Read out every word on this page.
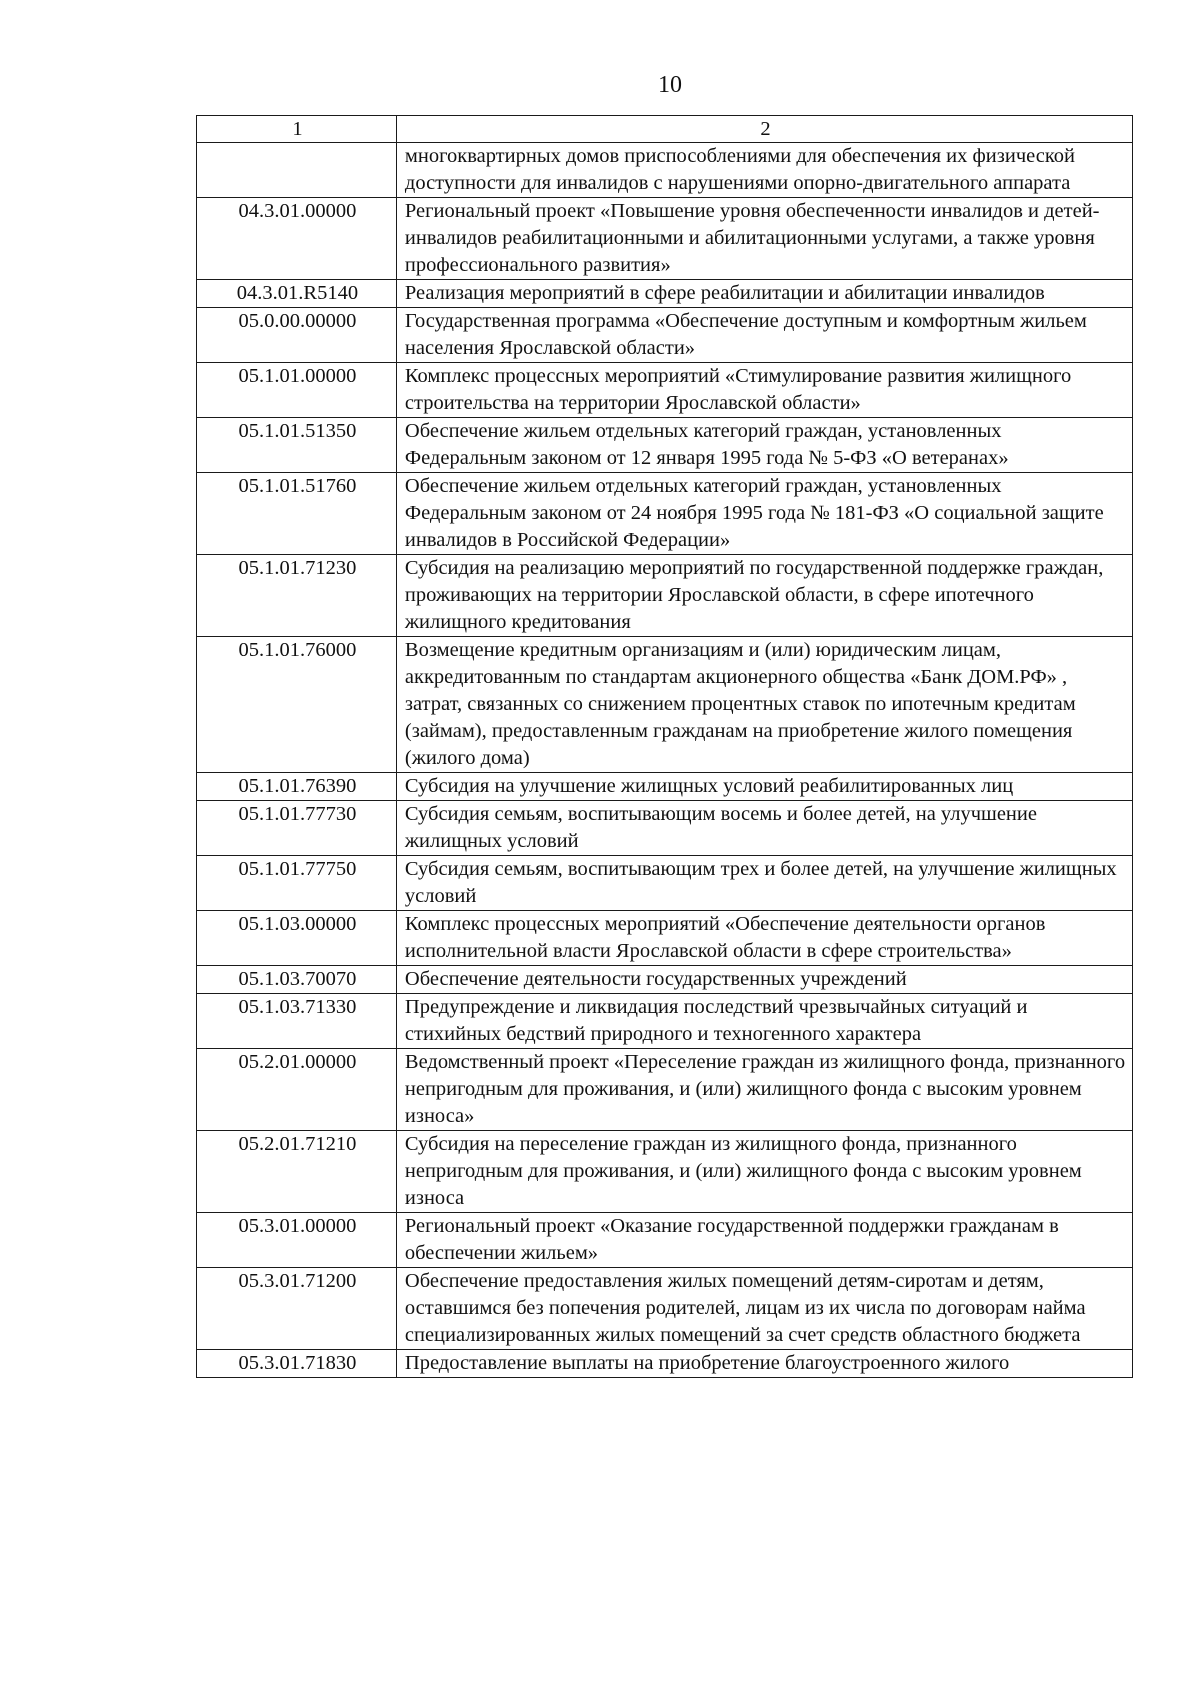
10
1	2
	многоквартирных домов приспособлениями для обеспечения их физической доступности для инвалидов с нарушениями опорно-двигательного аппарата
04.3.01.00000	Региональный проект «Повышение уровня обеспеченности инвалидов и детей-инвалидов реабилитационными и абилитационными услугами, а также уровня профессионального развития»
04.3.01.R5140	Реализация мероприятий в сфере реабилитации и абилитации инвалидов
05.0.00.00000	Государственная программа «Обеспечение доступным и комфортным жильем населения Ярославской области»
05.1.01.00000	Комплекс процессных мероприятий «Стимулирование развития жилищного строительства на территории Ярославской области»
05.1.01.51350	Обеспечение жильем отдельных категорий граждан, установленных Федеральным законом от 12 января 1995 года № 5-ФЗ «О ветеранах»
05.1.01.51760	Обеспечение жильем отдельных категорий граждан, установленных Федеральным законом от 24 ноября 1995 года № 181-ФЗ «О социальной защите инвалидов в Российской Федерации»
05.1.01.71230	Субсидия на реализацию мероприятий по государственной поддержке граждан, проживающих на территории Ярославской области, в сфере ипотечного жилищного кредитования
05.1.01.76000	Возмещение кредитным организациям и (или) юридическим лицам, аккредитованным по стандартам акционерного общества «Банк ДОМ.РФ» , затрат, связанных со снижением процентных ставок по ипотечным кредитам (займам), предоставленным гражданам на приобретение жилого помещения (жилого дома)
05.1.01.76390	Субсидия на улучшение жилищных условий реабилитированных лиц
05.1.01.77730	Субсидия семьям, воспитывающим восемь и более детей, на улучшение жилищных условий
05.1.01.77750	Субсидия семьям, воспитывающим трех и более детей, на улучшение жилищных условий
05.1.03.00000	Комплекс процессных мероприятий «Обеспечение деятельности органов исполнительной власти Ярославской области в сфере строительства»
05.1.03.70070	Обеспечение деятельности государственных учреждений
05.1.03.71330	Предупреждение и ликвидация последствий чрезвычайных ситуаций и стихийных бедствий природного и техногенного характера
05.2.01.00000	Ведомственный проект «Переселение граждан из жилищного фонда, признанного непригодным для проживания, и (или) жилищного фонда с высоким уровнем износа»
05.2.01.71210	Субсидия на переселение граждан из жилищного фонда, признанного непригодным для проживания, и (или) жилищного фонда с высоким уровнем износа
05.3.01.00000	Региональный проект «Оказание государственной поддержки гражданам в обеспечении жильем»
05.3.01.71200	Обеспечение предоставления жилых помещений детям-сиротам и детям, оставшимся без попечения родителей, лицам из их числа по договорам найма специализированных жилых помещений за счет средств областного бюджета
05.3.01.71830	Предоставление выплаты на приобретение благоустроенного жилого
